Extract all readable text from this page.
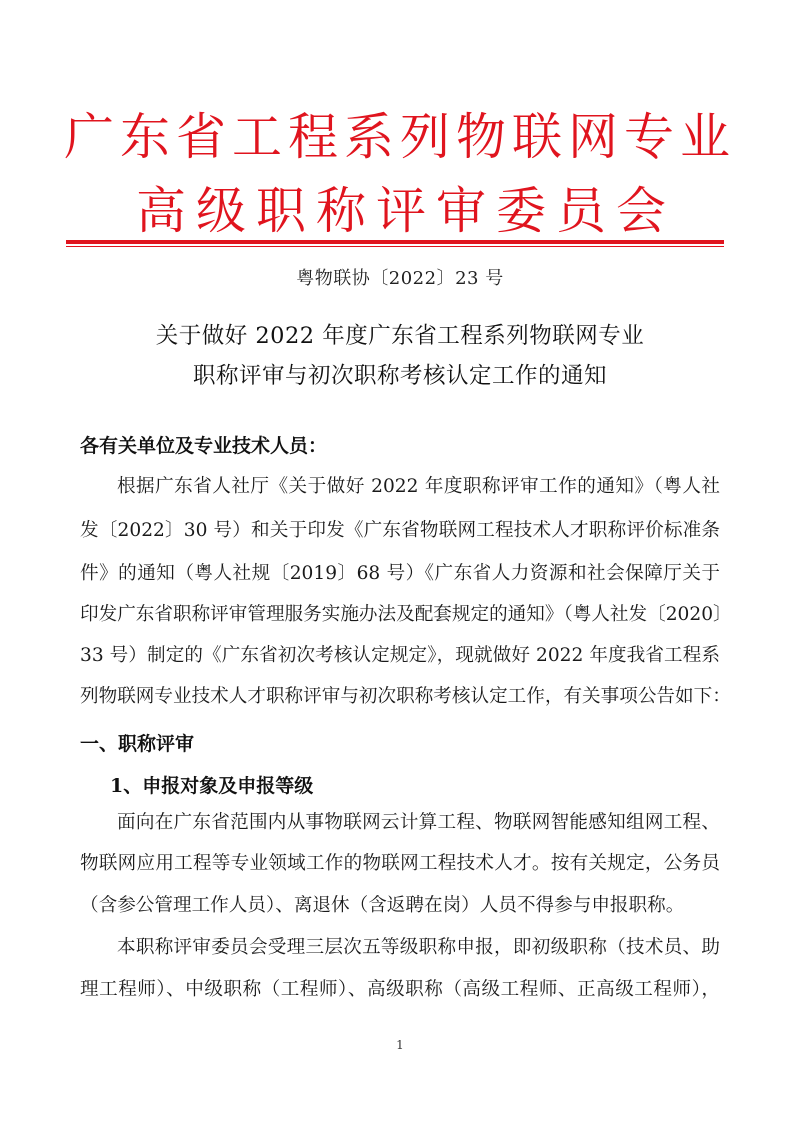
广东省工程系列物联网专业
高级职称评审委员会
粤物联协〔2022〕23 号
关于做好 2022 年度广东省工程系列物联网专业
职称评审与初次职称考核认定工作的通知
各有关单位及专业技术人员：
根据广东省人社厅《关于做好 2022 年度职称评审工作的通知》（粤人社
发〔2022〕30 号）和关于印发《广东省物联网工程技术人才职称评价标准条
件》的通知（粤人社规〔2019〕68 号）《广东省人力资源和社会保障厅关于
印发广东省职称评审管理服务实施办法及配套规定的通知》（粤人社发〔2020〕
33 号）制定的《广东省初次考核认定规定》，现就做好 2022 年度我省工程系
列物联网专业技术人才职称评审与初次职称考核认定工作，有关事项公告如下：
一、职称评审
1、申报对象及申报等级
面向在广东省范围内从事物联网云计算工程、物联网智能感知组网工程、
物联网应用工程等专业领域工作的物联网工程技术人才。按有关规定，公务员
（含参公管理工作人员）、离退休（含返聘在岗）人员不得参与申报职称。
本职称评审委员会受理三层次五等级职称申报，即初级职称（技术员、助
理工程师）、中级职称（工程师）、高级职称（高级工程师、正高级工程师），
1
